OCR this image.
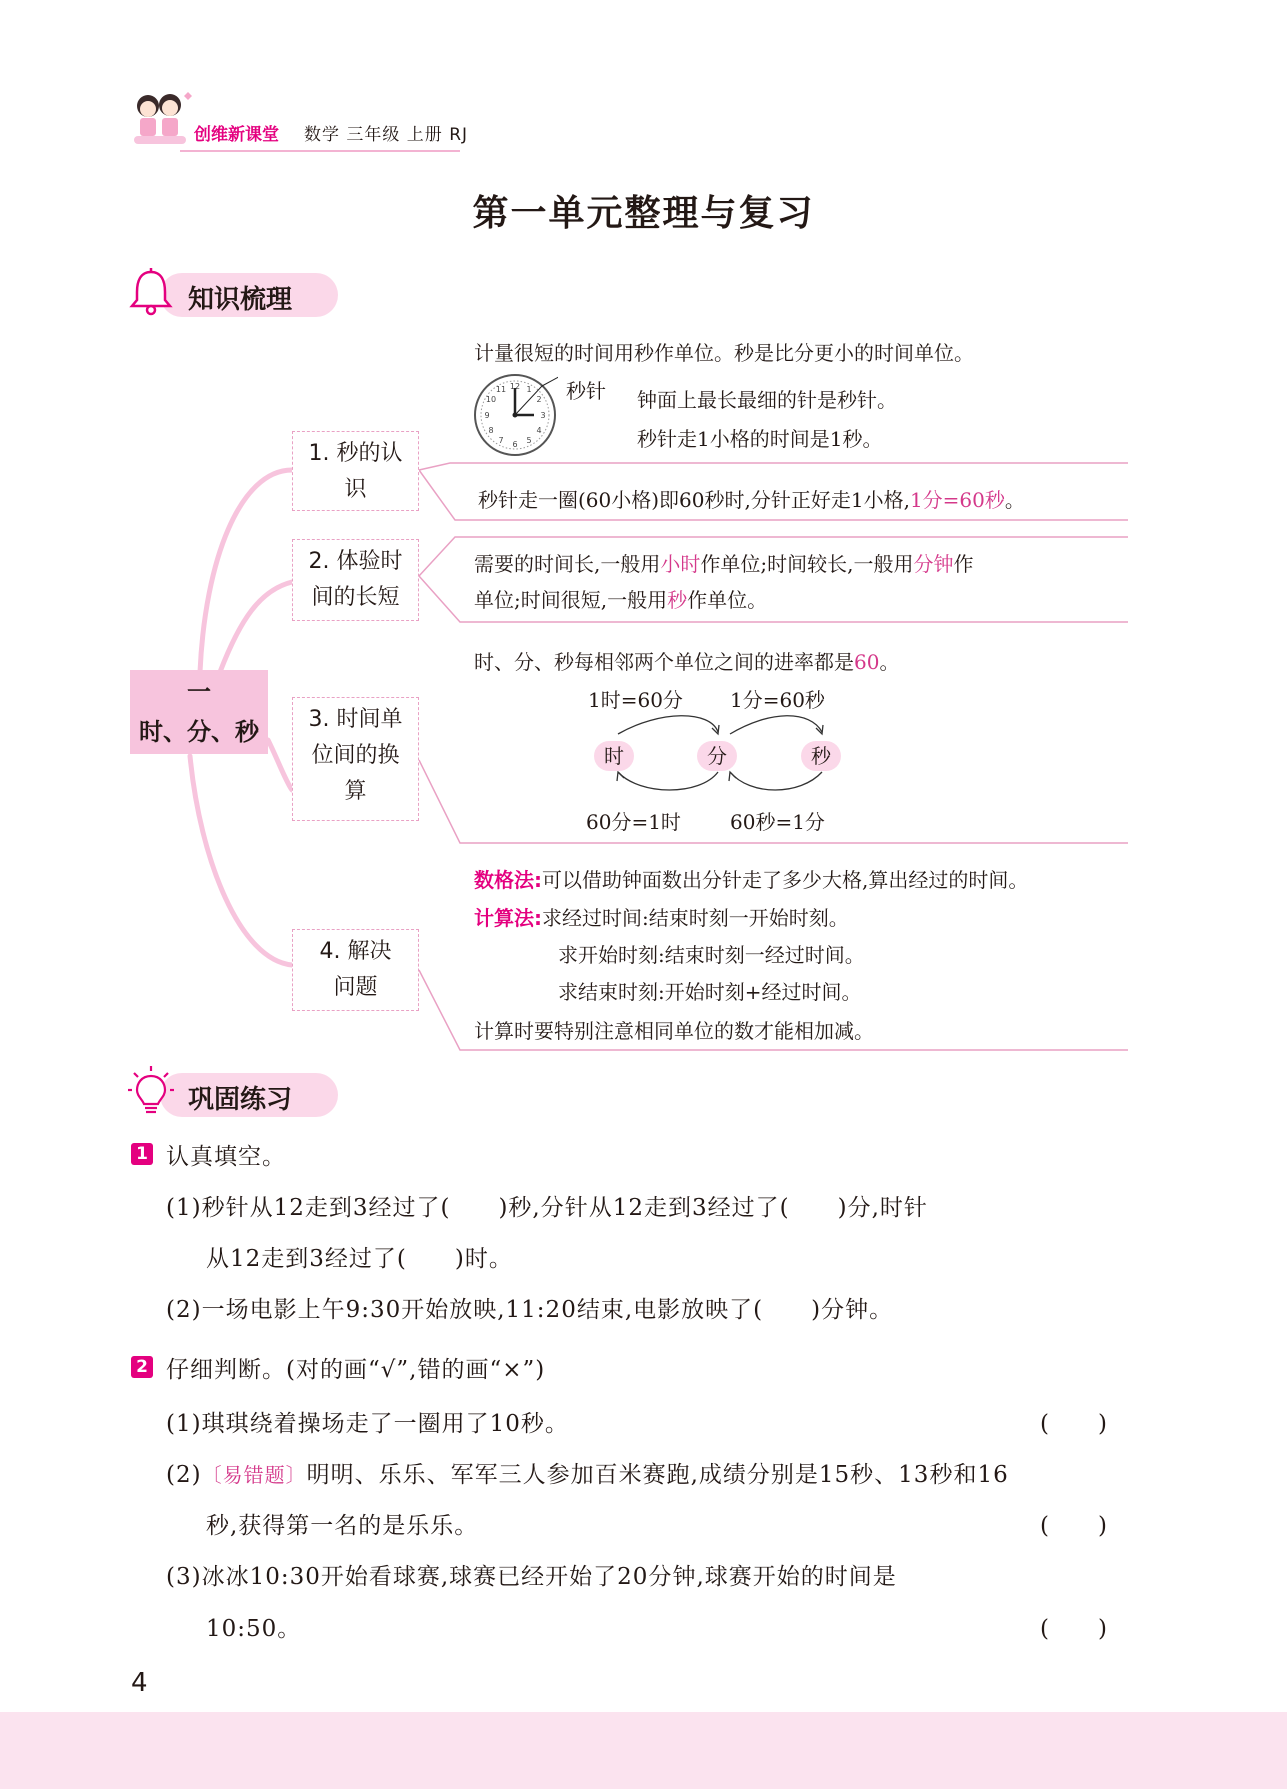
创维新课堂 数学 三年级 上册 RJ
第一单元整理与复习
知识梳理
一
时、分、秒
1. 秒的认
识
2. 体验时
间的长短
3. 时间单
位间的换
算
4. 解决
问题
计量很短的时间用秒作单位。秒是比分更小的时间单位。
12 1
2
3
4
5
6
7
8
9
10
11	秒针 钟面上最长最细的针是秒针。
秒针走1小格的时间是1秒。
秒针走一圈(60小格)即60秒时,分针正好走1小格,1分=60秒。
需要的时间长,一般用小时作单位;时间较长,一般用分钟作
单位;时间很短,一般用秒作单位。
时、分、秒每相邻两个单位之间的进率都是60。
1时=60分 1分=60秒
时	分	秒
60分=1时 60秒=1分
数格法:可以借助钟面数出分针走了多少大格,算出经过的时间。
计算法:求经过时间:结束时刻一开始时刻。
求开始时刻:结束时刻一经过时间。
求结束时刻:开始时刻+经过时间。
计算时要特别注意相同单位的数才能相加减。
巩固练习
1 认真填空。
(1)秒针从12走到3经过了(　　)秒,分针从12走到3经过了(　　)分,时针
从12走到3经过了(　　)时。
(2)一场电影上午9:30开始放映,11:20结束,电影放映了(　　)分钟。
2 仔细判断。(对的画“√”,错的画“×”)
(1)琪琪绕着操场走了一圈用了10秒。	(　　)
(2)〔易错题〕明明、乐乐、军军三人参加百米赛跑,成绩分别是15秒、13秒和16
秒,获得第一名的是乐乐。	(　　)
(3)冰冰10:30开始看球赛,球赛已经开始了20分钟,球赛开始的时间是
10:50。	(　　)
4
